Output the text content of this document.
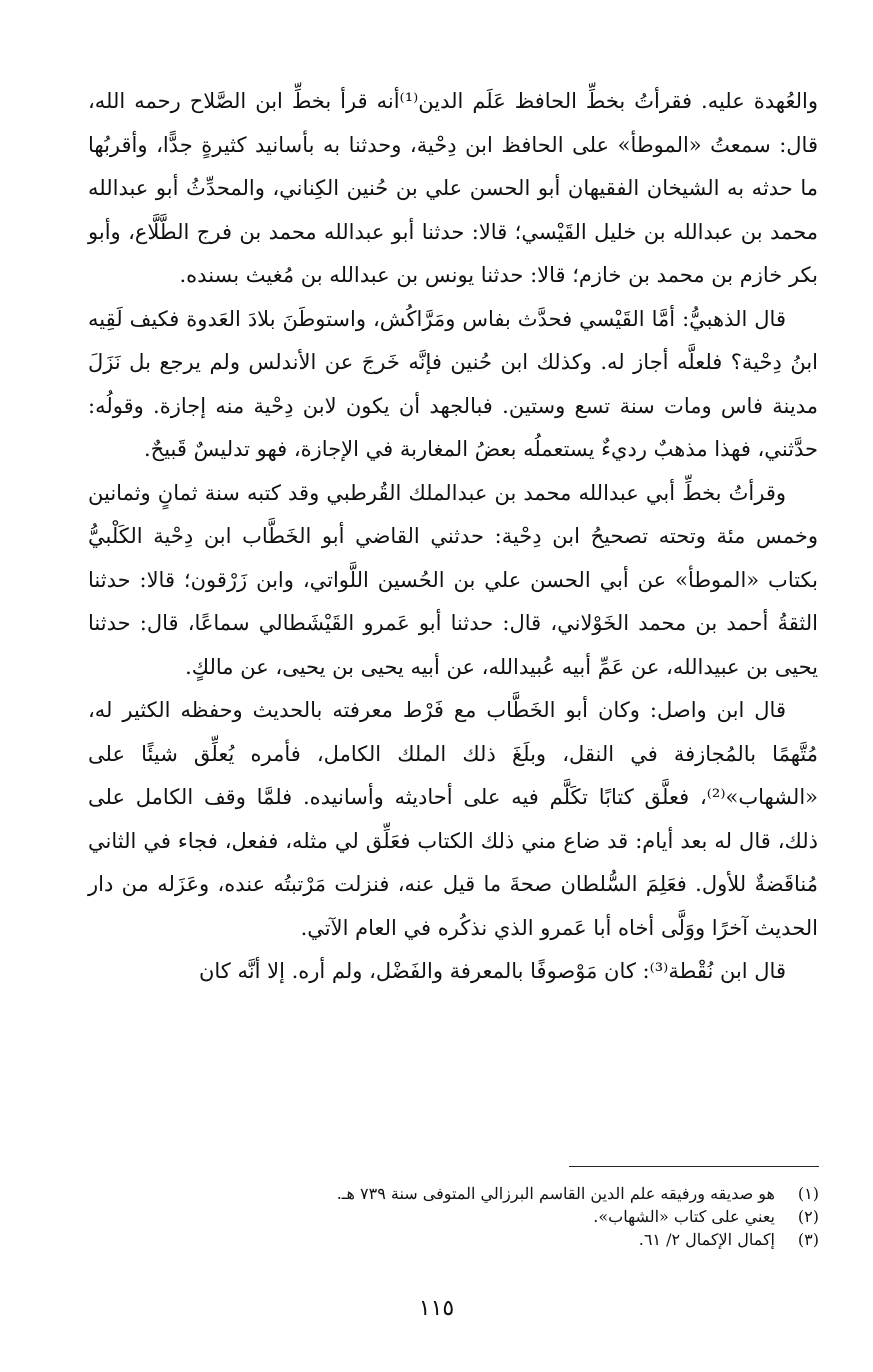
والعُهدة عليه. فقرأتُ بخطِّ الحافظ عَلَم الدين⁽¹⁾أنه قرأ بخطِّ ابن الصَّلاح رحمه الله، قال: سمعتُ «الموطأ» على الحافظ ابن دِحْية، وحدثنا به بأسانيد كثيرةٍ جدًّا، وأقربُها ما حدثه به الشيخان الفقيهان أبو الحسن علي بن حُنين الكِناني، والمحدِّثُ أبو عبدالله محمد بن عبدالله بن خليل القَيْسي؛ قالا: حدثنا أبو عبدالله محمد بن فرج الطَّلَّاع، وأبو بكر خازم بن محمد بن خازم؛ قالا: حدثنا يونس بن عبدالله بن مُغيث بسنده.

قال الذهبيُّ: أمَّا القَيْسي فحدَّث بفاس ومَرَّاكُش، واستوطَنَ بلادَ العَدوة فكيف لَقِيه ابنُ دِحْية؟ فلعلَّه أجاز له. وكذلك ابن حُنين فإنَّه خَرجَ عن الأندلس ولم يرجع بل نَزَلَ مدينة فاس ومات سنة تسع وستين. فبالجهد أن يكون لابن دِحْية منه إجازة. وقولُه: حدَّثني، فهذا مذهبٌ رديءٌ يستعملُه بعضُ المغاربة في الإجازة، فهو تدليسٌ قَبيحٌ.

وقرأتُ بخطِّ أبي عبدالله محمد بن عبدالملك القُرطبي وقد كتبه سنة ثمانٍ وثمانين وخمس مئة وتحته تصحيحُ ابن دِحْية: حدثني القاضي أبو الخَطَّاب ابن دِحْية الكَلْبيُّ بكتاب «الموطأ» عن أبي الحسن علي بن الحُسين اللَّواتي، وابن زَرْقون؛ قالا: حدثنا الثقةُ أحمد بن محمد الخَوْلاني، قال: حدثنا أبو عَمرو القَيْشَطالي سماعًا، قال: حدثنا يحيى بن عبيدالله، عن عَمِّ أبيه عُبيدالله، عن أبيه يحيى بن يحيى، عن مالكٍ.

قال ابن واصل: وكان أبو الخَطَّاب مع فَرْط معرفته بالحديث وحفظه الكثير له، مُتَّهمًا بالمُجازفة في النقل، وبلَغَ ذلك الملك الكامل، فأمره يُعلِّق شيئًا على «الشهاب»⁽²⁾، فعلَّق كتابًا تكَلَّم فيه على أحاديثه وأسانيده. فلمَّا وقف الكامل على ذلك، قال له بعد أيام: قد ضاع مني ذلك الكتاب فعَلِّق لي مثله، ففعل، فجاء في الثاني مُناقَضةٌ للأول. فعَلِمَ السُّلطان صحةَ ما قيل عنه، فنزلت مَرْتبتُه عنده، وعَزَله من دار الحديث آخرًا ووَلَّى أخاه أبا عَمرو الذي نذكُره في العام الآتي.

قال ابن نُقْطة⁽³⁾: كان مَوْصوفًا بالمعرفة والفَضْل، ولم أره. إلا أنَّه كان

(١)
هو صديقه ورفيقه علم الدين القاسم البرزالي المتوفى سنة ٧٣٩ هـ.
(٢)
يعني على كتاب «الشهاب».
(٣)
إكمال الإكمال ٢/ ٦١.
١١٥
